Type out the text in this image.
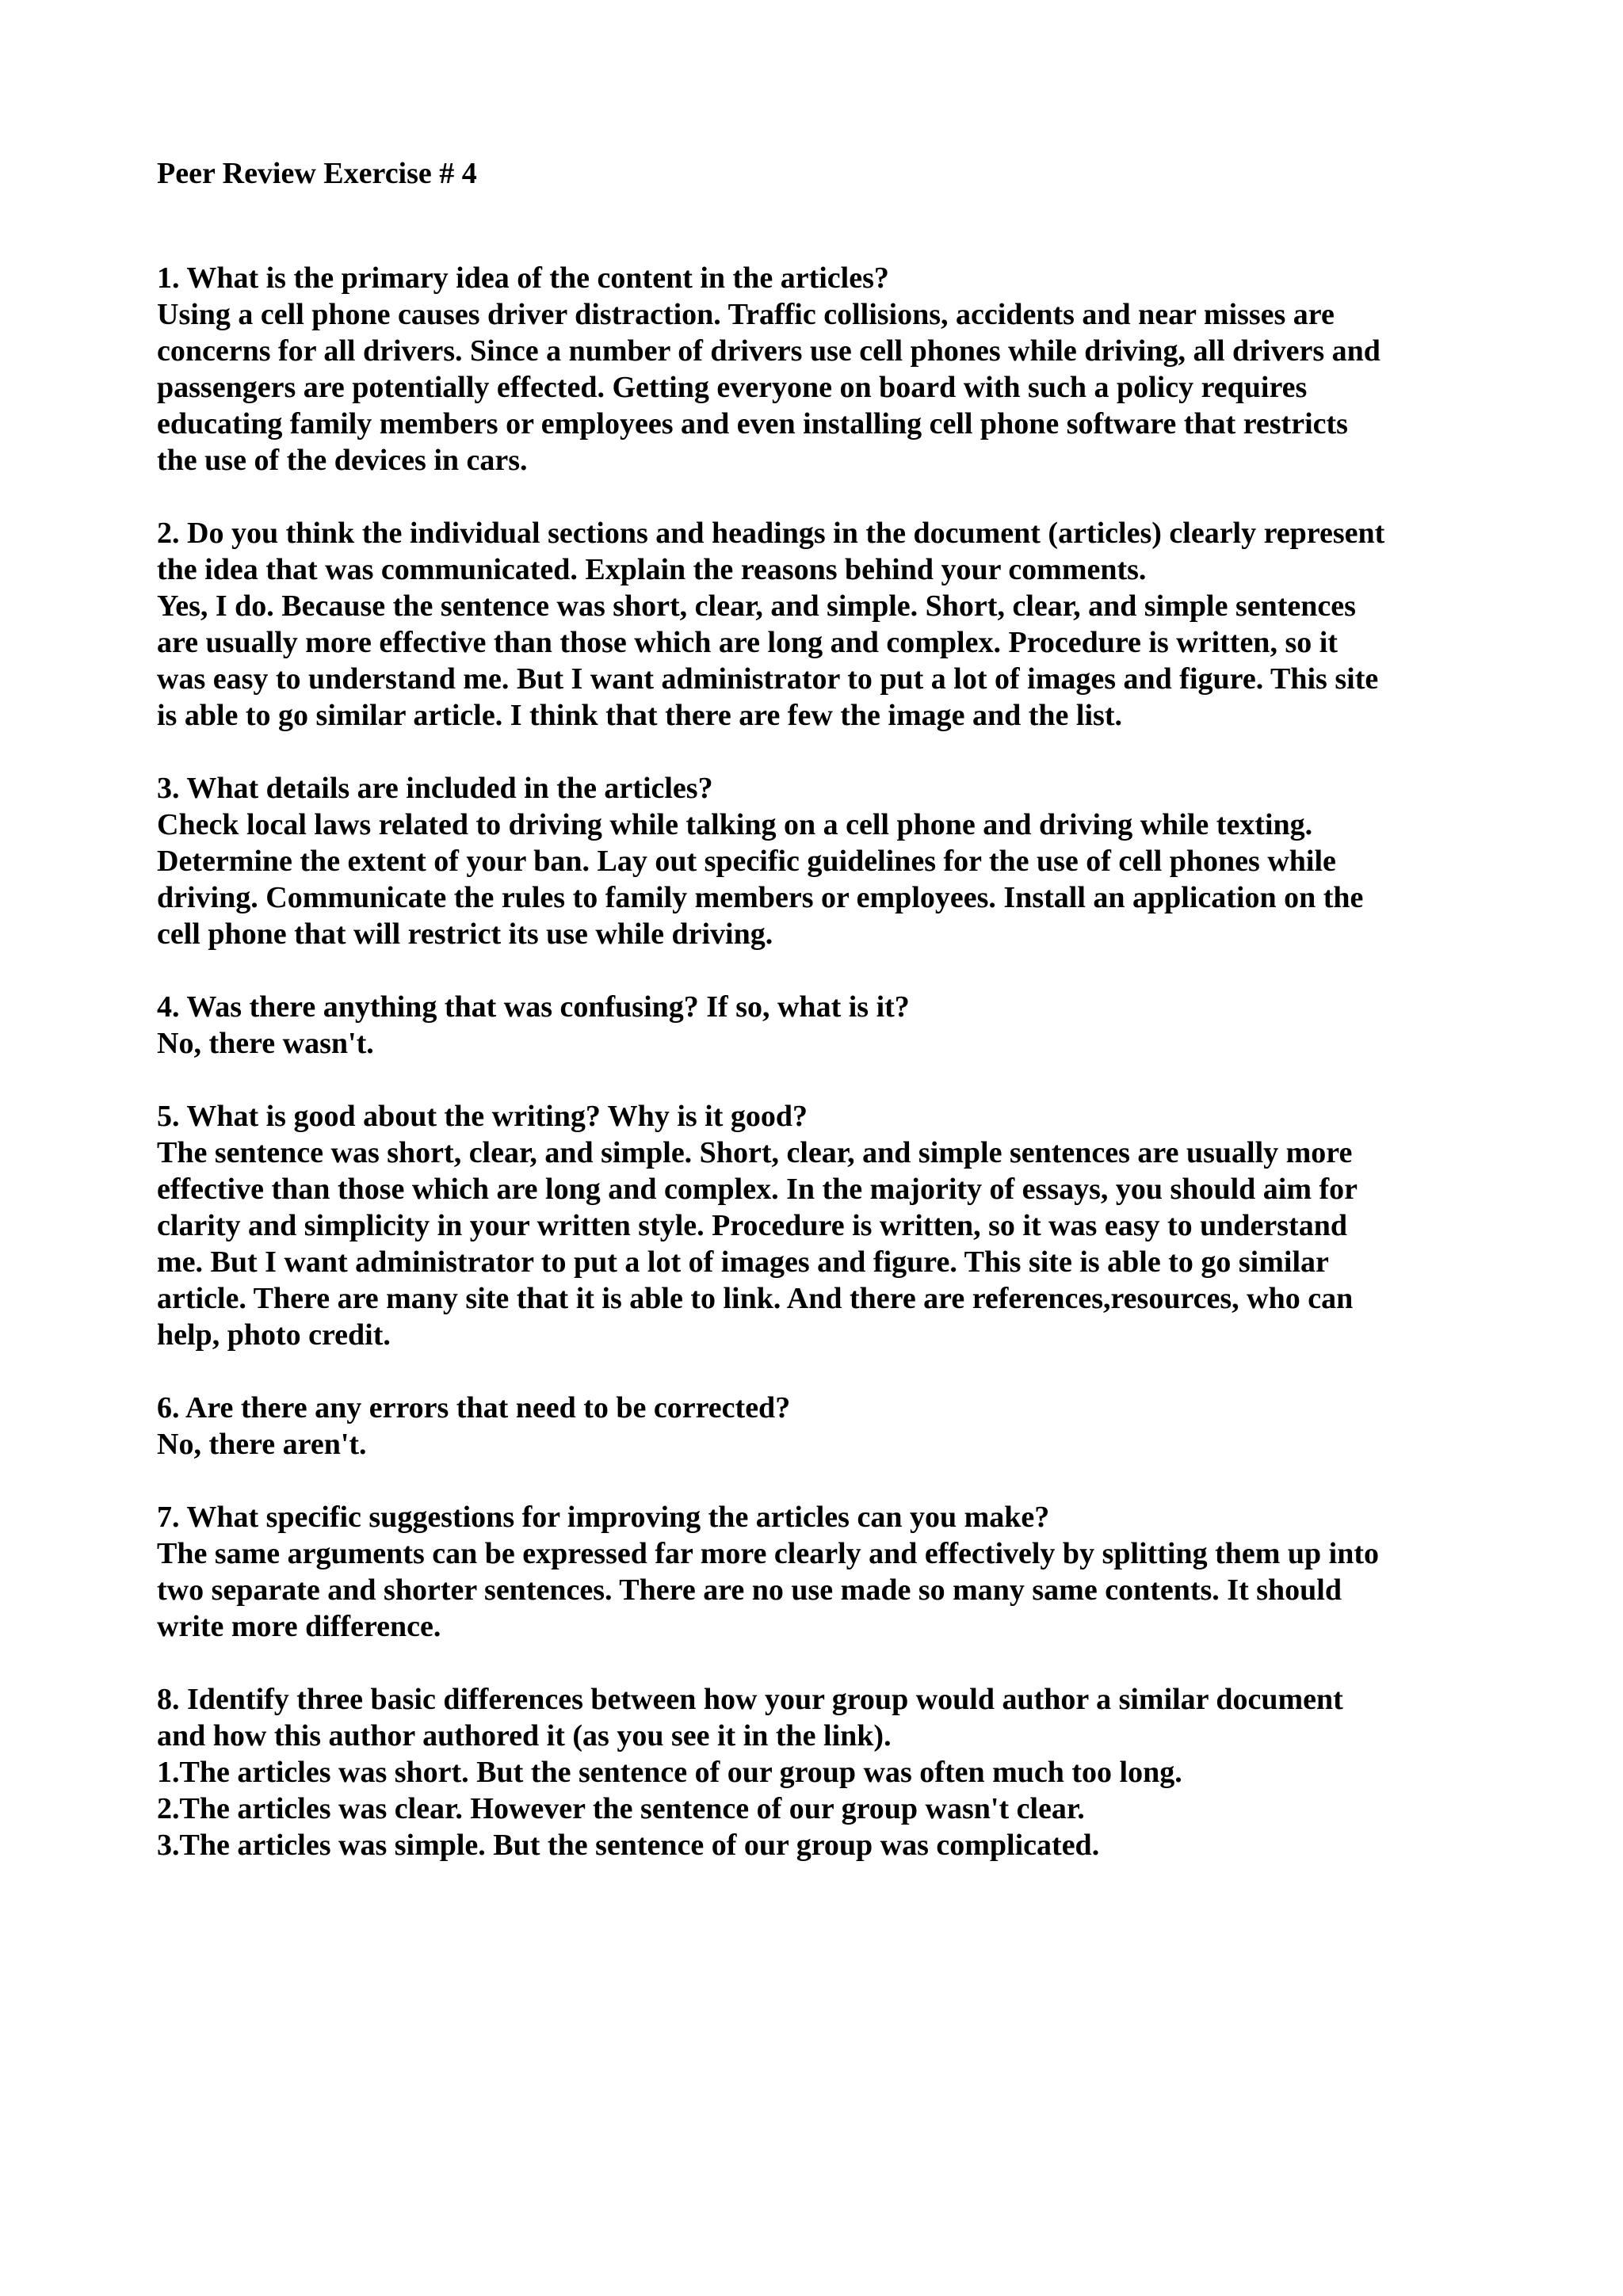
Peer Review Exercise # 4

1. What is the primary idea of the content in the articles?

Using a cell phone causes driver distraction. Traffic collisions, accidents and near misses are

concerns for all drivers. Since a number of drivers use cell phones while driving, all drivers and

passengers are potentially effected. Getting everyone on board with such a policy requires

educating family members or employees and even installing cell phone software that restricts

the use of the devices in cars.

2. Do you think the individual sections and headings in the document (articles) clearly represent

the idea that was communicated. Explain the reasons behind your comments.

Yes, I do. Because the sentence was short, clear, and simple. Short, clear, and simple sentences

are usually more effective than those which are long and complex. Procedure is written, so it

was easy to understand me. But I want administrator to put a lot of images and figure. This site

is able to go similar article. I think that there are few the image and the list.

3. What details are included in the articles?

Check local laws related to driving while talking on a cell phone and driving while texting.

Determine the extent of your ban. Lay out specific guidelines for the use of cell phones while

driving. Communicate the rules to family members or employees. Install an application on the

cell phone that will restrict its use while driving.

4. Was there anything that was confusing? If so, what is it?

No, there wasn't.

5. What is good about the writing? Why is it good?

The sentence was short, clear, and simple. Short, clear, and simple sentences are usually more

effective than those which are long and complex. In the majority of essays, you should aim for

clarity and simplicity in your written style. Procedure is written, so it was easy to understand

me. But I want administrator to put a lot of images and figure. This site is able to go similar

article. There are many site that it is able to link. And there are references,resources, who can

help, photo credit.

6. Are there any errors that need to be corrected?

No, there aren't.

7. What specific suggestions for improving the articles can you make?

The same arguments can be expressed far more clearly and effectively by splitting them up into

two separate and shorter sentences. There are no use made so many same contents. It should

write more difference.

8. Identify three basic differences between how your group would author a similar document

and how this author authored it (as you see it in the link).

1.The articles was short. But the sentence of our group was often much too long.

2.The articles was clear. However the sentence of our group wasn't clear.

3.The articles was simple. But the sentence of our group was complicated.
